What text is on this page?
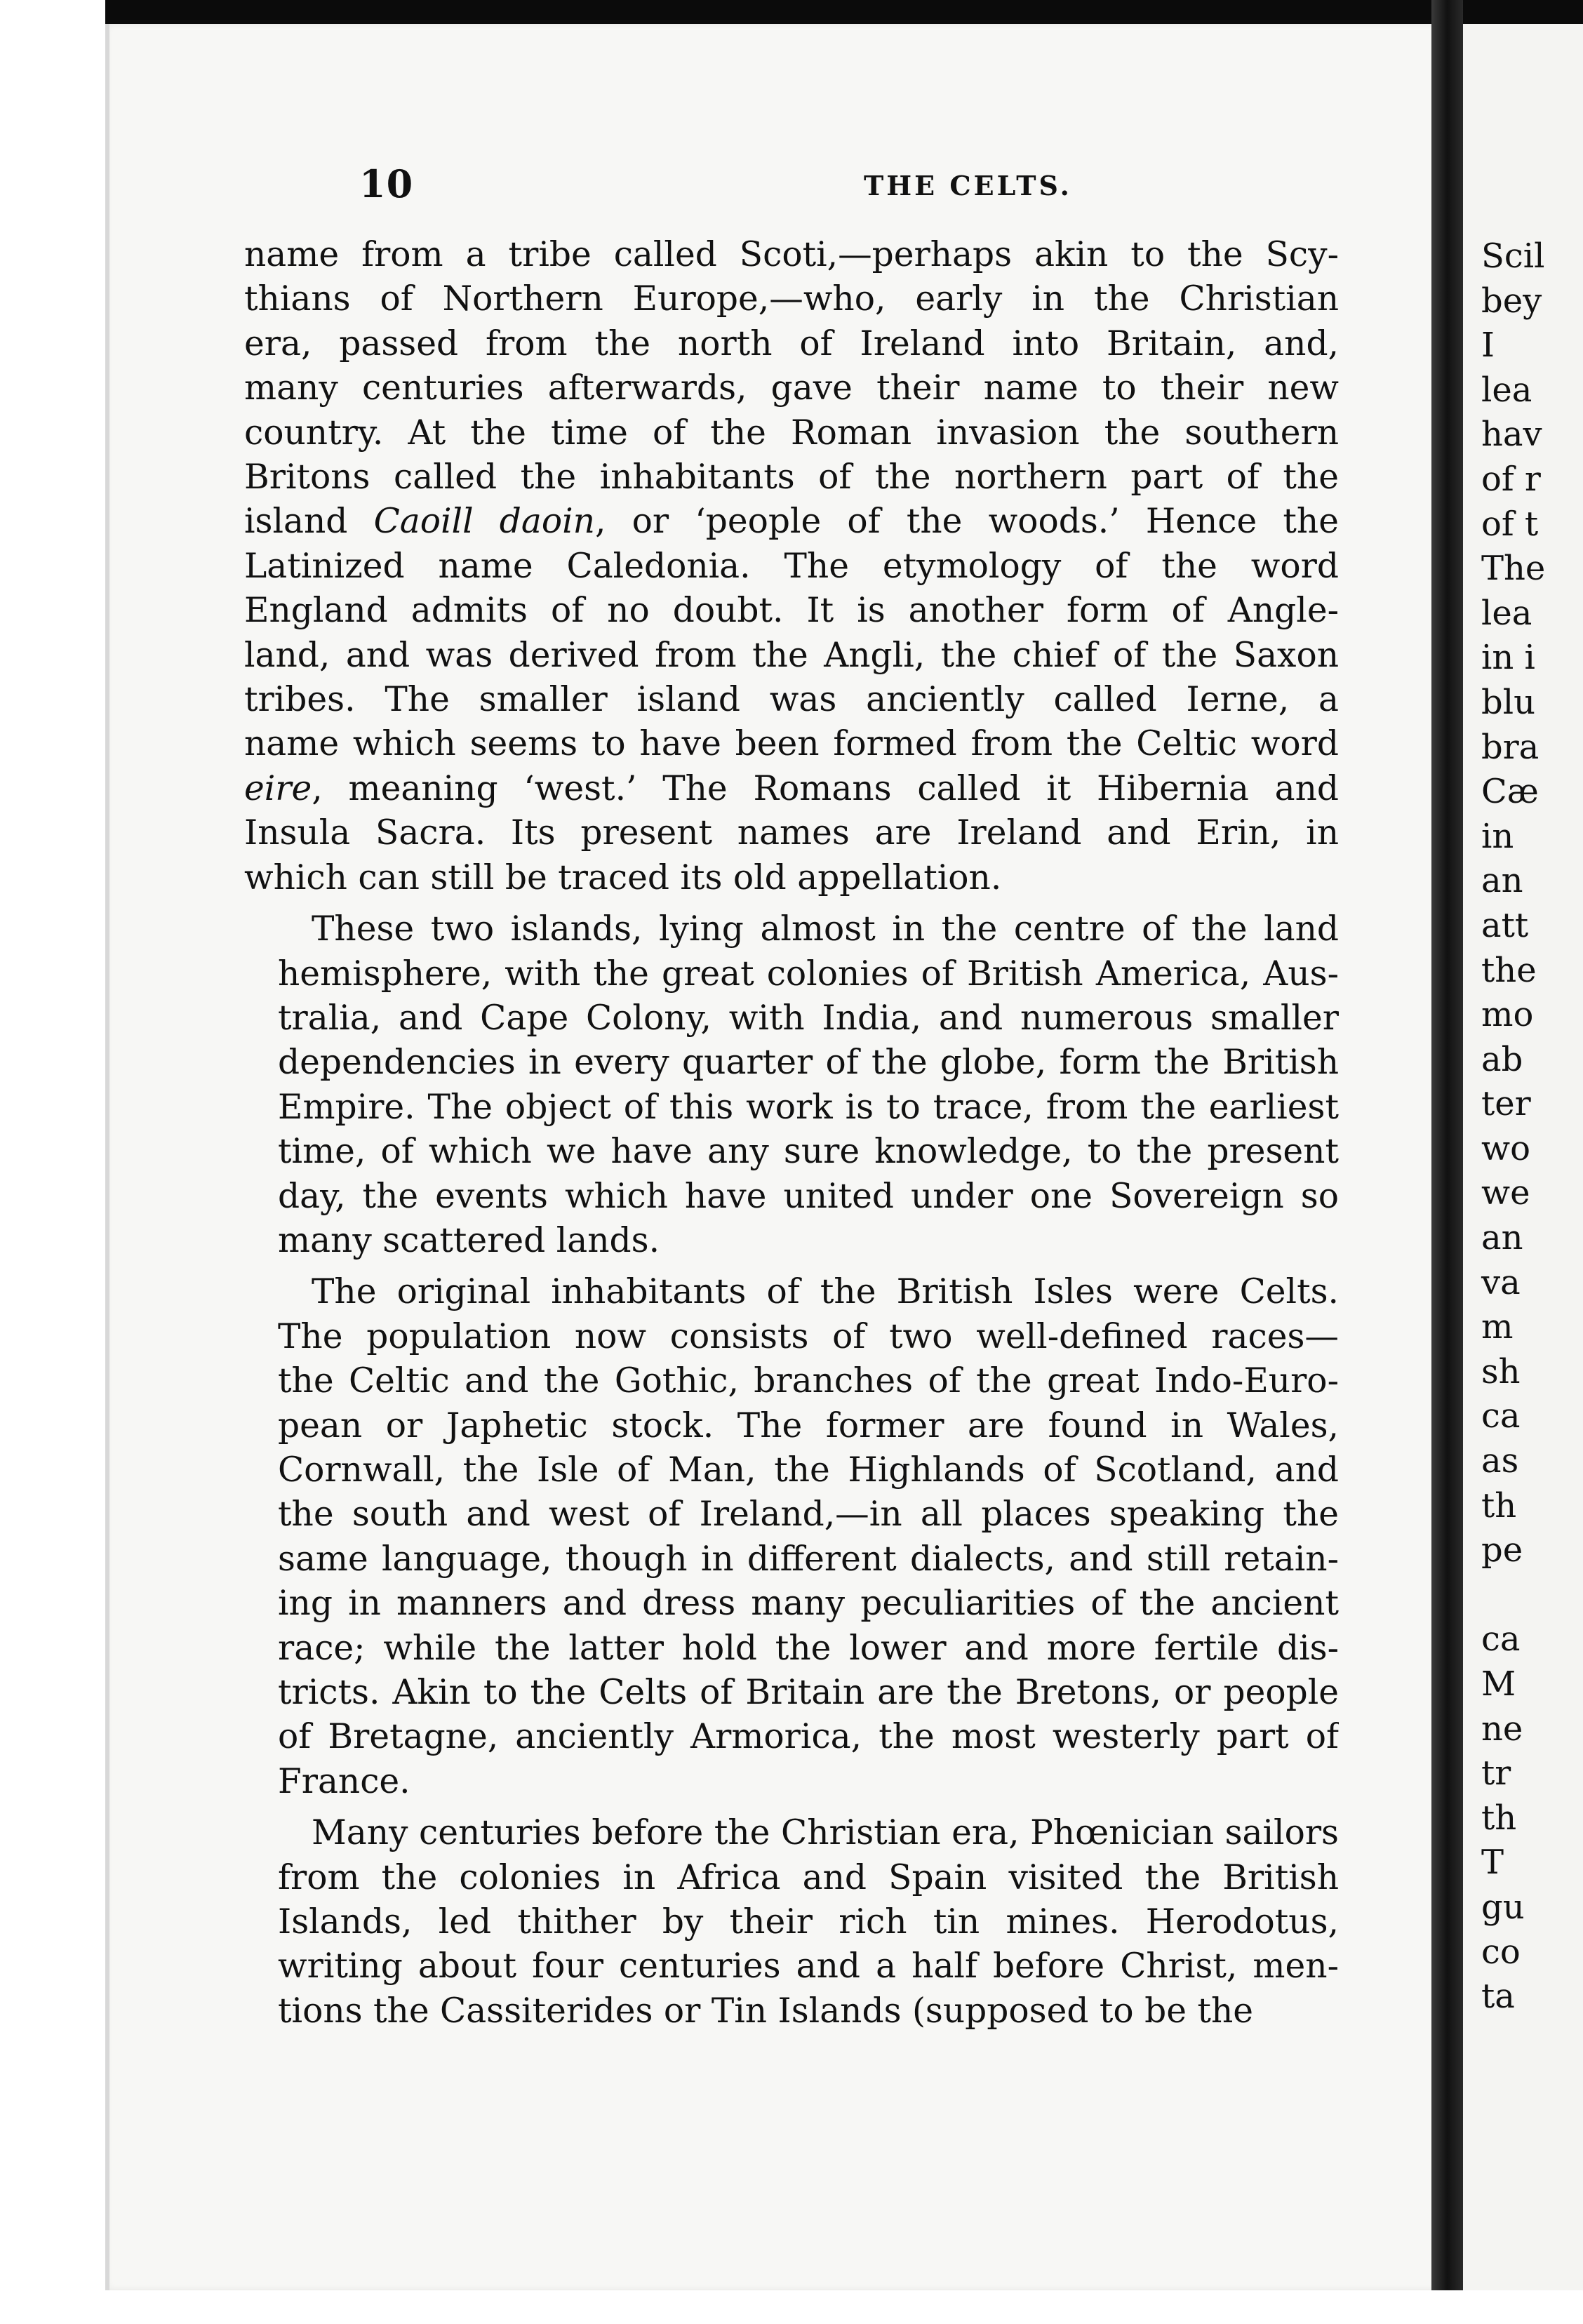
10	THE CELTS.
name from a tribe called Scoti,—perhaps akin to the Scy-
thians of Northern Europe,—who, early in the Christian
era, passed from the north of Ireland into Britain, and,
many centuries afterwards, gave their name to their new
country. At the time of the Roman invasion the southern
Britons called the inhabitants of the northern part of the
island Caoill daoin, or ‘people of the woods.’ Hence the
Latinized name Caledonia. The etymology of the word
England admits of no doubt. It is another form of Angle-
land, and was derived from the Angli, the chief of the Saxon
tribes. The smaller island was anciently called Ierne, a
name which seems to have been formed from the Celtic word
eire, meaning ‘west.’ The Romans called it Hibernia and
Insula Sacra. Its present names are Ireland and Erin, in
which can still be traced its old appellation.
These two islands, lying almost in the centre of the land
hemisphere, with the great colonies of British America, Aus-
tralia, and Cape Colony, with India, and numerous smaller
dependencies in every quarter of the globe, form the British
Empire. The object of this work is to trace, from the earliest
time, of which we have any sure knowledge, to the present
day, the events which have united under one Sovereign so
many scattered lands.
The original inhabitants of the British Isles were Celts.
The population now consists of two well-defined races—
the Celtic and the Gothic, branches of the great Indo-Euro-
pean or Japhetic stock. The former are found in Wales,
Cornwall, the Isle of Man, the Highlands of Scotland, and
the south and west of Ireland,—in all places speaking the
same language, though in different dialects, and still retain-
ing in manners and dress many peculiarities of the ancient
race; while the latter hold the lower and more fertile dis-
tricts. Akin to the Celts of Britain are the Bretons, or people
of Bretagne, anciently Armorica, the most westerly part of
France.
Many centuries before the Christian era, Phœnician sailors
from the colonies in Africa and Spain visited the British
Islands, led thither by their rich tin mines. Herodotus,
writing about four centuries and a half before Christ, men-
tions the Cassiterides or Tin Islands (supposed to be the
Scil
bey
I
lea
hav
of r
of t
The
lea
in i
blu
bra
Cæ
in
an
att
the
mo
ab
ter
wo
we
an
va
m
sh
ca
as
th
pe

ca
M
ne
tr
th
T
gu
co
ta
